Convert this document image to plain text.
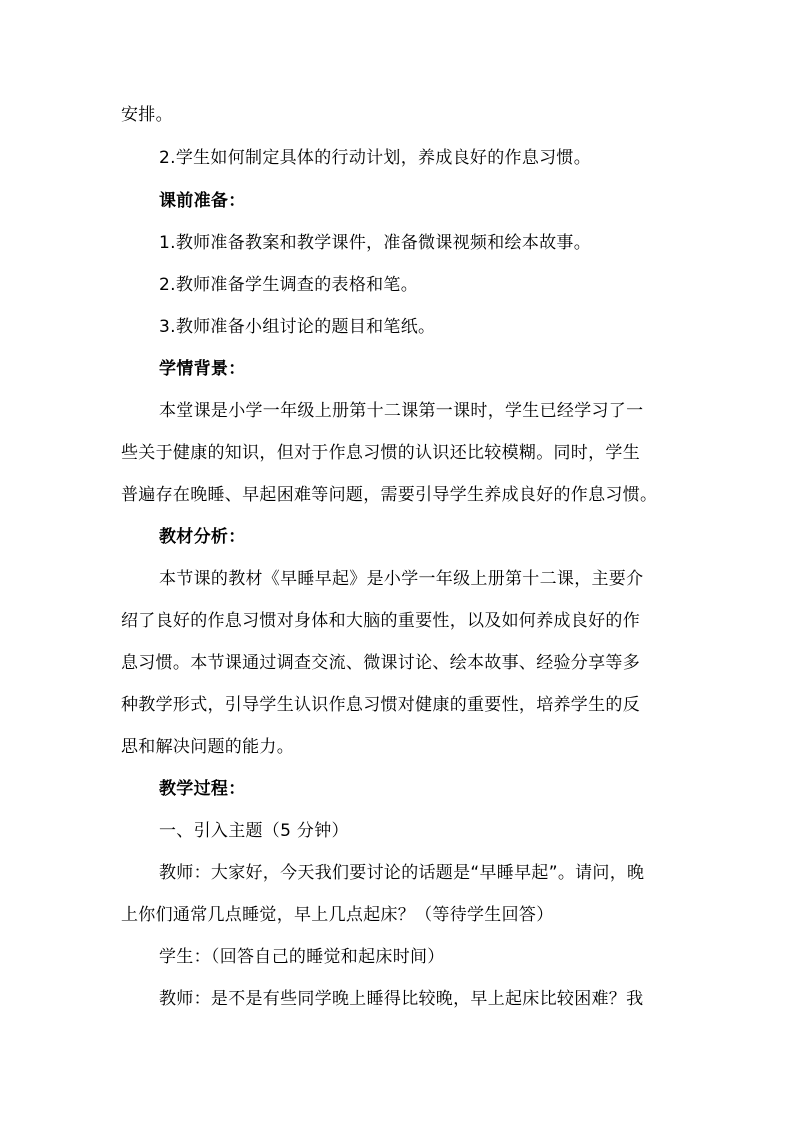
安排。
2.学生如何制定具体的行动计划，养成良好的作息习惯。
课前准备：
1.教师准备教案和教学课件，准备微课视频和绘本故事。
2.教师准备学生调查的表格和笔。
3.教师准备小组讨论的题目和笔纸。
学情背景：
本堂课是小学一年级上册第十二课第一课时，学生已经学习了一
些关于健康的知识，但对于作息习惯的认识还比较模糊。同时，学生
普遍存在晚睡、早起困难等问题，需要引导学生养成良好的作息习惯。
教材分析：
本节课的教材《早睡早起》是小学一年级上册第十二课，主要介
绍了良好的作息习惯对身体和大脑的重要性，以及如何养成良好的作
息习惯。本节课通过调查交流、微课讨论、绘本故事、经验分享等多
种教学形式，引导学生认识作息习惯对健康的重要性，培养学生的反
思和解决问题的能力。
教学过程：
一、引入主题（5 分钟）
教师：大家好，今天我们要讨论的话题是“早睡早起”。请问，晚
上你们通常几点睡觉，早上几点起床？（等待学生回答）
学生：（回答自己的睡觉和起床时间）
教师：是不是有些同学晚上睡得比较晚，早上起床比较困难？我
